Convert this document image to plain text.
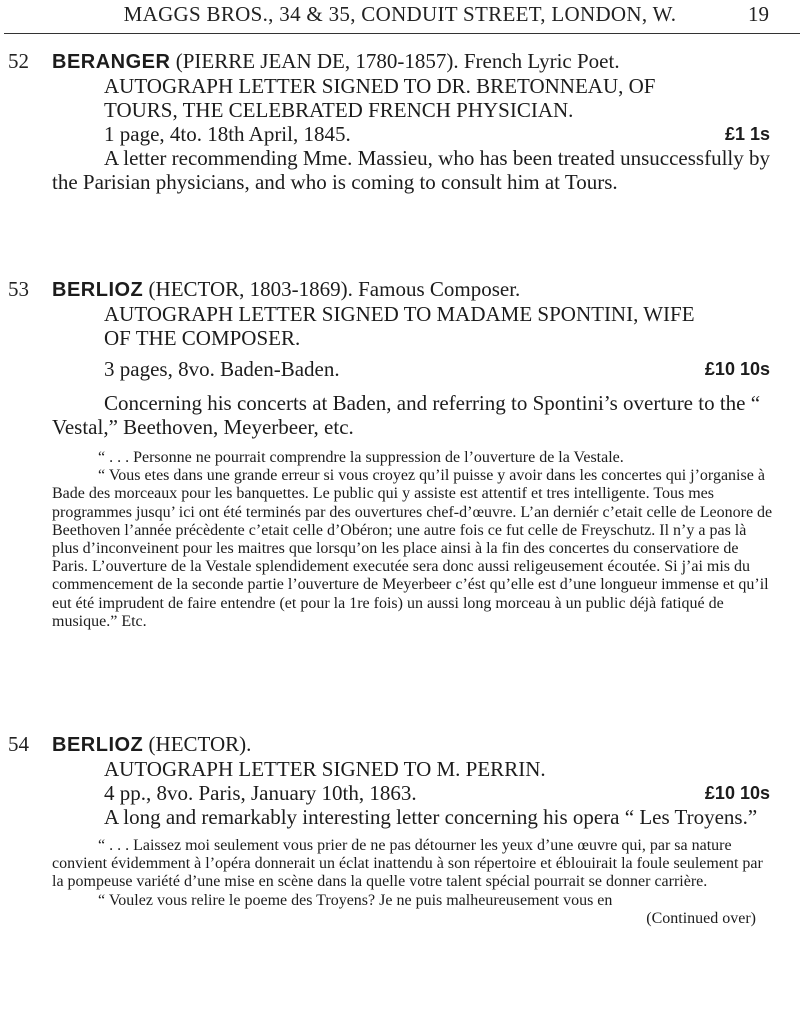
MAGGS BROS., 34 & 35, CONDUIT STREET, LONDON, W.	19
52 BERANGER (PIERRE JEAN DE, 1780-1857). French Lyric Poet.
AUTOGRAPH LETTER SIGNED TO DR. BRETONNEAU, OF
TOURS, THE CELEBRATED FRENCH PHYSICIAN.
1 page, 4to. 18th April, 1845.	£1 1s
A letter recommending Mme. Massieu, who has been treated unsuccessfully by the Parisian physicians, and who is coming to consult him at Tours.
53 BERLIOZ (HECTOR, 1803-1869). Famous Composer.
AUTOGRAPH LETTER SIGNED TO MADAME SPONTINI, WIFE
OF THE COMPOSER.
3 pages, 8vo. Baden-Baden.	£10 10s
Concerning his concerts at Baden, and referring to Spontini’s overture to the “ Vestal,” Beethoven, Meyerbeer, etc.
“ . . . Personne ne pourrait comprendre la suppression de l’ouverture de la Vestale.
“ Vous etes dans une grande erreur si vous croyez qu’il puisse y avoir dans les concertes qui j’organise à Bade des morceaux pour les banquettes. Le public qui y assiste est attentif et tres intelligente. Tous mes programmes jusqu’ ici ont été terminés par des ouvertures chef-d’œuvre. L’an derniér c’etait celle de Leonore de Beethoven l’année précèdente c’etait celle d’Obéron; une autre fois ce fut celle de Freyschutz. Il n’y a pas là plus d’inconveinent pour les maitres que lorsqu’on les place ainsi à la fin des concertes du conservatiore de Paris. L’ouverture de la Vestale splendidement executée sera donc aussi religeusement écoutée. Si j’ai mis du commencement de la seconde partie l’ouverture de Meyerbeer c’ést qu’elle est d’une longueur immense et qu’il eut été imprudent de faire entendre (et pour la 1re fois) un aussi long morceau à un public déjà fatiqué de musique.” Etc.
54 BERLIOZ (HECTOR).
AUTOGRAPH LETTER SIGNED TO M. PERRIN.
4 pp., 8vo. Paris, January 10th, 1863.	£10 10s
A long and remarkably interesting letter concerning his opera “ Les Troyens.”
“ . . . Laissez moi seulement vous prier de ne pas détourner les yeux d’une œuvre qui, par sa nature convient évidemment à l’opéra donnerait un éclat inattendu à son répertoire et éblouirait la foule seulement par la pompeuse variété d’une mise en scène dans la quelle votre talent spécial pourrait se donner carrière.
“ Voulez vous relire le poeme des Troyens? Je ne puis malheureusement vous en
(Continued over)
